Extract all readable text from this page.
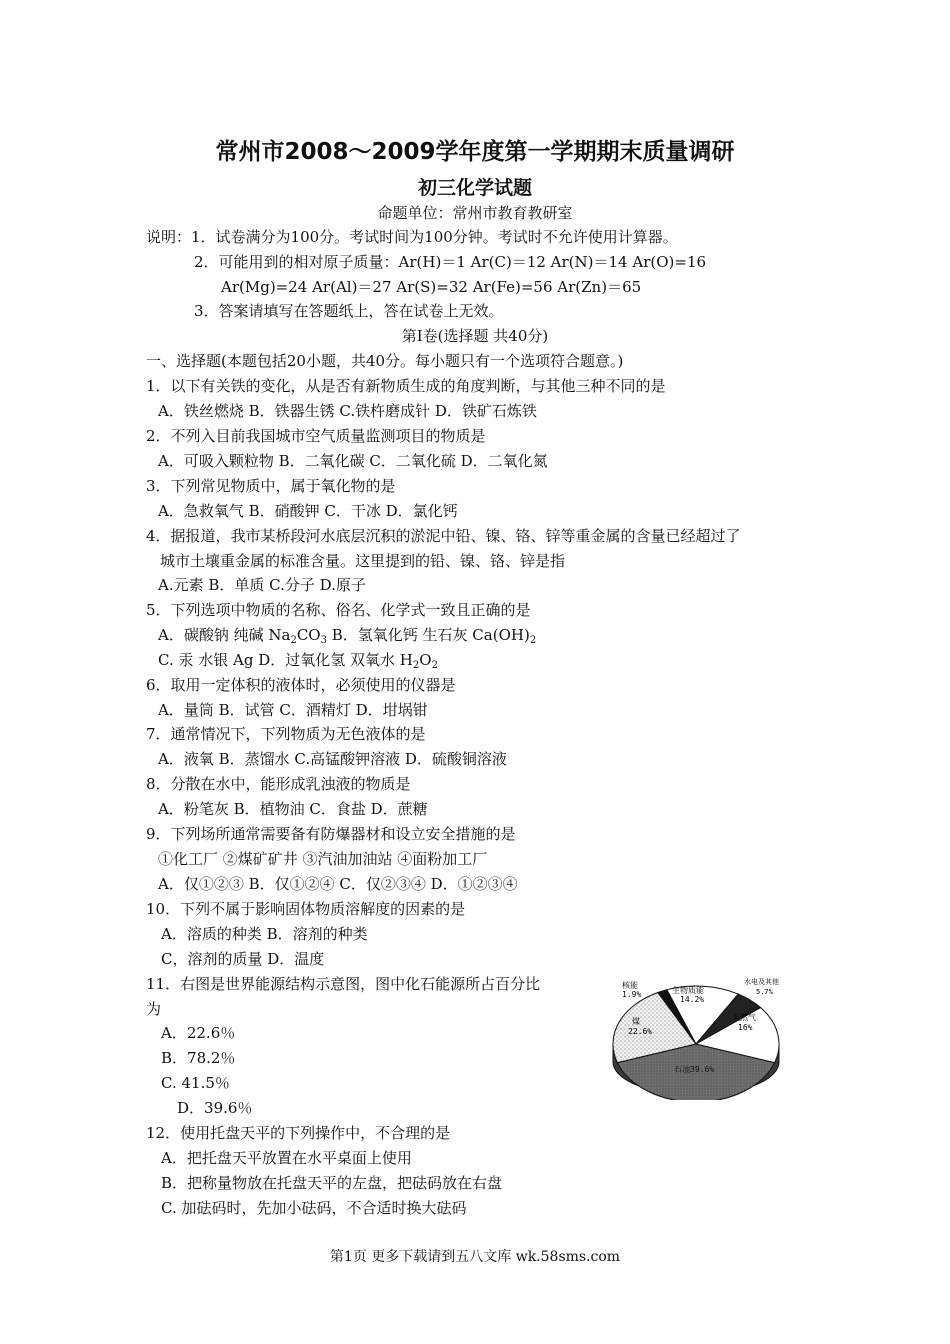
常州市2008～2009学年度第一学期期末质量调研
初三化学试题
命题单位：常州市教育教研室
说明：1．试卷满分为100分。考试时间为100分钟。考试时不允许使用计算器。
2．可能用到的相对原子质量：Ar(H)＝1 Ar(C)＝12 Ar(N)＝14 Ar(O)=16
Ar(Mg)=24 Ar(Al)＝27 Ar(S)=32 Ar(Fe)=56 Ar(Zn)＝65
3．答案请填写在答题纸上，答在试卷上无效。
第Ⅰ卷(选择题 共40分)
一、选择题(本题包括20小题，共40分。每小题只有一个选项符合题意。)
1．以下有关铁的变化，从是否有新物质生成的角度判断，与其他三种不同的是
A．铁丝燃烧 B．铁器生锈 C.铁杵磨成针 D．铁矿石炼铁
2．不列入目前我国城市空气质量监测项目的物质是
A．可吸入颗粒物 B．二氧化碳 C．二氧化硫 D．二氧化氮
3．下列常见物质中，属于氧化物的是
A．急救氧气 B．硝酸钾 C．干冰 D．氯化钙
4．据报道，我市某桥段河水底层沉积的淤泥中铅、镍、铬、锌等重金属的含量已经超过了
城市土壤重金属的标准含量。这里提到的铅、镍、铬、锌是指
A.元素 B．单质 C.分子 D.原子
5．下列选项中物质的名称、俗名、化学式一致且正确的是
A．碳酸钠 纯碱 $Na_2CO_3$ B．氢氧化钙 生石灰 $Ca(OH)_2$
C. 汞 水银 Ag D．过氧化氢 双氧水 $H_2O_2$
6．取用一定体积的液体时，必须使用的仪器是
A．量筒 B．试管 C．酒精灯 D．坩埚钳
7．通常情况下，下列物质为无色液体的是
A．液氧 B．蒸馏水 C.高锰酸钾溶液 D．硫酸铜溶液
8．分散在水中，能形成乳浊液的物质是
A．粉笔灰 B．植物油 C．食盐 D．蔗糖
9．下列场所通常需要备有防爆器材和设立安全措施的是
①化工厂 ②煤矿矿井 ③汽油加油站 ④面粉加工厂
A．仅①②③ B．仅①②④ C．仅②③④ D．①②③④
10．下列不属于影响固体物质溶解度的因素的是
A．溶质的种类 B．溶剂的种类
C，溶剂的质量 D．温度
11．右图是世界能源结构示意图，图中化石能源所占百分比
为
A．22.6％
B．78.2％
C. 41.5％
D．39.6％
12．使用托盘天平的下列操作中，不合理的是
A．把托盘天平放置在水平桌面上使用
B．把称量物放在托盘天平的左盘，把砝码放在右盘
C. 加砝码时，先加小砝码，不合适时换大砝码
核能
1.9%	生物质能
14.2%
水电及其他
5.7%
天然气
16%
煤
22.6%
石油39.6%
第1页 更多下载请到五八文库 wk.58sms.com
